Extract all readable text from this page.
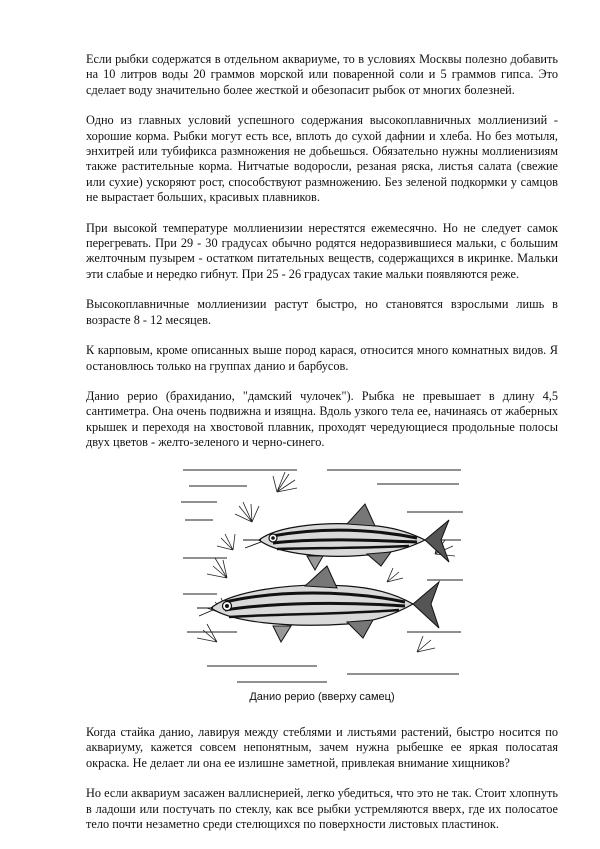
Если рыбки содержатся в отдельном аквариуме, то в условиях Москвы полезно добавить на 10 литров воды 20 граммов морской или поваренной соли и 5 граммов гипса. Это сделает воду значительно более жесткой и обезопасит рыбок от многих болезней.

Одно из главных условий успешного содержания высокоплавничных моллиенизий - хорошие корма. Рыбки могут есть все, вплоть до сухой дафнии и хлеба. Но без мотыля, энхитрей или тубификса размножения не добьешься. Обязательно нужны моллиенизиям также растительные корма. Нитчатые водоросли, резаная ряска, листья салата (свежие или сухие) ускоряют рост, способствуют размножению. Без зеленой подкормки у самцов не вырастает больших, красивых плавников.

При высокой температуре моллиенизии нерестятся ежемесячно. Но не следует самок перегревать. При 29 - 30 градусах обычно родятся недоразвившиеся мальки, с большим желточным пузырем - остатком питательных веществ, содержащихся в икринке. Мальки эти слабые и нередко гибнут. При 25 - 26 градусах такие мальки появляются реже.

Высокоплавничные моллиенизии растут быстро, но становятся взрослыми лишь в возрасте 8 - 12 месяцев.

К карповым, кроме описанных выше пород карася, относится много комнатных видов. Я остановлюсь только на группах данио и барбусов.

Данио рерио (брахиданио, "дамский чулочек"). Рыбка не превышает в длину 4,5 сантиметра. Она очень подвижна и изящна. Вдоль узкого тела ее, начинаясь от жаберных крышек и переходя на хвостовой плавник, проходят чередующиеся продольные полосы двух цветов - желто-зеленого и черно-синего.

Данио рерио (вверху самец)

Когда стайка данио, лавируя между стеблями и листьями растений, быстро носится по аквариуму, кажется совсем непонятным, зачем нужна рыбешке ее яркая полосатая окраска. Не делает ли она ее излишне заметной, привлекая внимание хищников?

Но если аквариум засажен валлиснерией, легко убедиться, что это не так. Стоит хлопнуть в ладоши или постучать по стеклу, как все рыбки устремляются вверх, где их полосатое тело почти незаметно среди стелющихся по поверхности листовых пластинок.
